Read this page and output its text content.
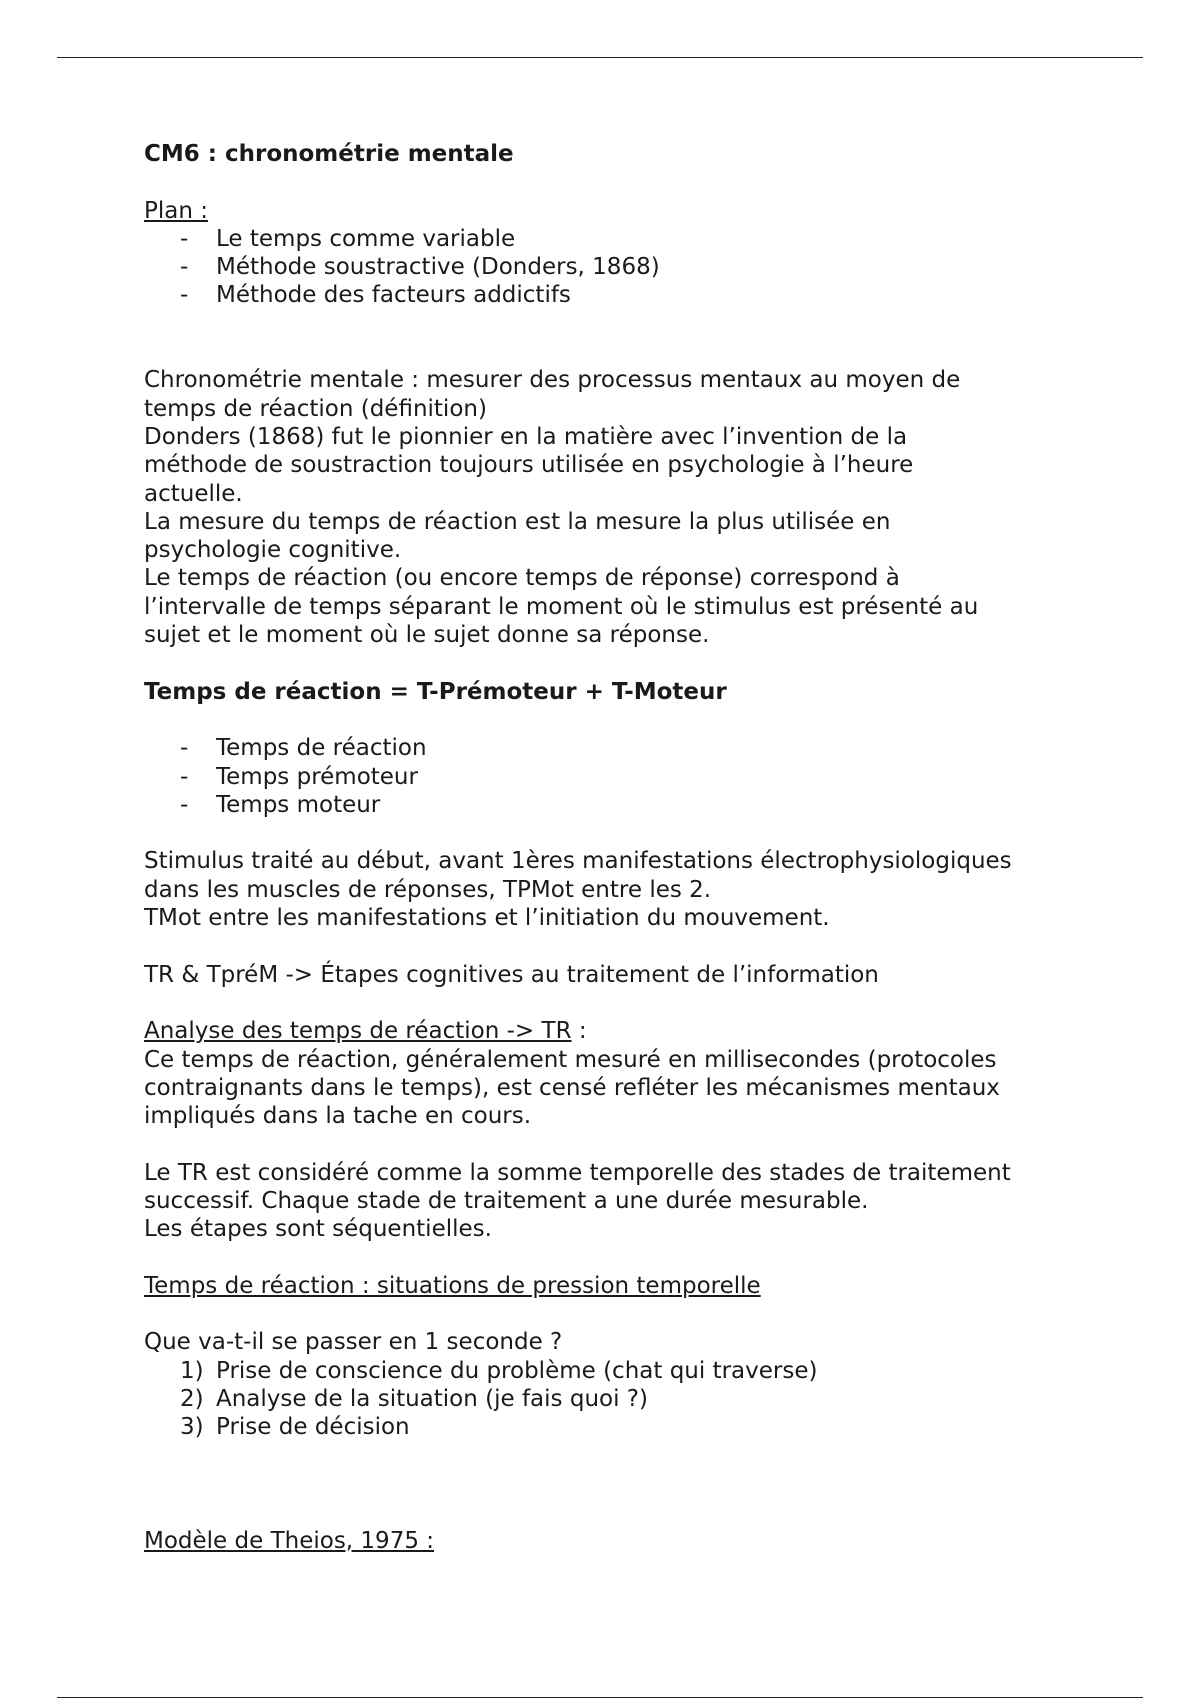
CM6 : chronométrie mentale
Plan :
-	Le temps comme variable
-	Méthode soustractive (Donders, 1868)
-	Méthode des facteurs addictifs
Chronométrie mentale : mesurer des processus mentaux au moyen de
temps de réaction (définition)
Donders (1868) fut le pionnier en la matière avec l’invention de la
méthode de soustraction toujours utilisée en psychologie à l’heure
actuelle.
La mesure du temps de réaction est la mesure la plus utilisée en
psychologie cognitive.
Le temps de réaction (ou encore temps de réponse) correspond à
l’intervalle de temps séparant le moment où le stimulus est présenté au
sujet et le moment où le sujet donne sa réponse.
Temps de réaction = T-Prémoteur + T-Moteur
-	Temps de réaction
-	Temps prémoteur
-	Temps moteur
Stimulus traité au début, avant 1ères manifestations électrophysiologiques
dans les muscles de réponses, TPMot entre les 2.
TMot entre les manifestations et l’initiation du mouvement.
TR & TpréM -> Étapes cognitives au traitement de l’information
Analyse des temps de réaction -> TR :
Ce temps de réaction, généralement mesuré en millisecondes (protocoles
contraignants dans le temps), est censé refléter les mécanismes mentaux
impliqués dans la tache en cours.
Le TR est considéré comme la somme temporelle des stades de traitement
successif. Chaque stade de traitement a une durée mesurable.
Les étapes sont séquentielles.
Temps de réaction : situations de pression temporelle
Que va-t-il se passer en 1 seconde ?
1) Prise de conscience du problème (chat qui traverse)
2) Analyse de la situation (je fais quoi ?)
3) Prise de décision
Modèle de Theios, 1975 :
